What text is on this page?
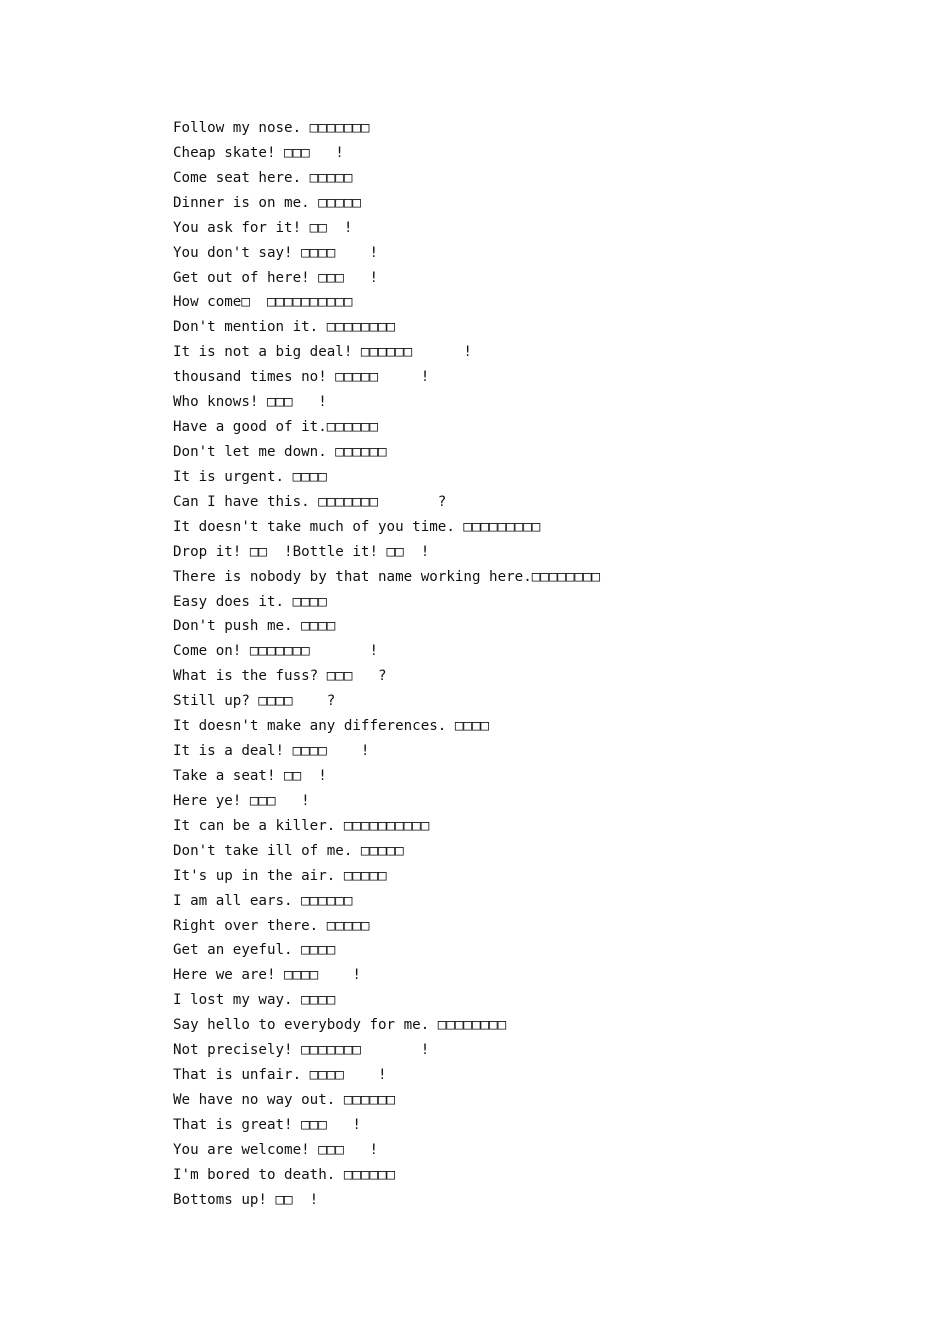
Follow my nose. □□□□□□□
Cheap skate! □□□   !
Come seat here. □□□□□
Dinner is on me. □□□□□
You ask for it! □□  !
You don't say! □□□□    !
Get out of here! □□□   !
How come□  □□□□□□□□□□
Don't mention it. □□□□□□□□
It is not a big deal! □□□□□□      !
thousand times no! □□□□□     !
Who knows! □□□   !
Have a good of it.□□□□□□
Don't let me down. □□□□□□
It is urgent. □□□□
Can I have this. □□□□□□□       ?
It doesn't take much of you time. □□□□□□□□□
Drop it! □□  !Bottle it! □□  !
There is nobody by that name working here.□□□□□□□□
Easy does it. □□□□
Don't push me. □□□□
Come on! □□□□□□□       !
What is the fuss? □□□   ?
Still up? □□□□    ?
It doesn't make any differences. □□□□
It is a deal! □□□□    !
Take a seat! □□  !
Here ye! □□□   !
It can be a killer. □□□□□□□□□□
Don't take ill of me. □□□□□
It's up in the air. □□□□□
I am all ears. □□□□□□
Right over there. □□□□□
Get an eyeful. □□□□
Here we are! □□□□    !
I lost my way. □□□□
Say hello to everybody for me. □□□□□□□□
Not precisely! □□□□□□□       !
That is unfair. □□□□    !
We have no way out. □□□□□□
That is great! □□□   !
You are welcome! □□□   !
I'm bored to death. □□□□□□
Bottoms up! □□  !
